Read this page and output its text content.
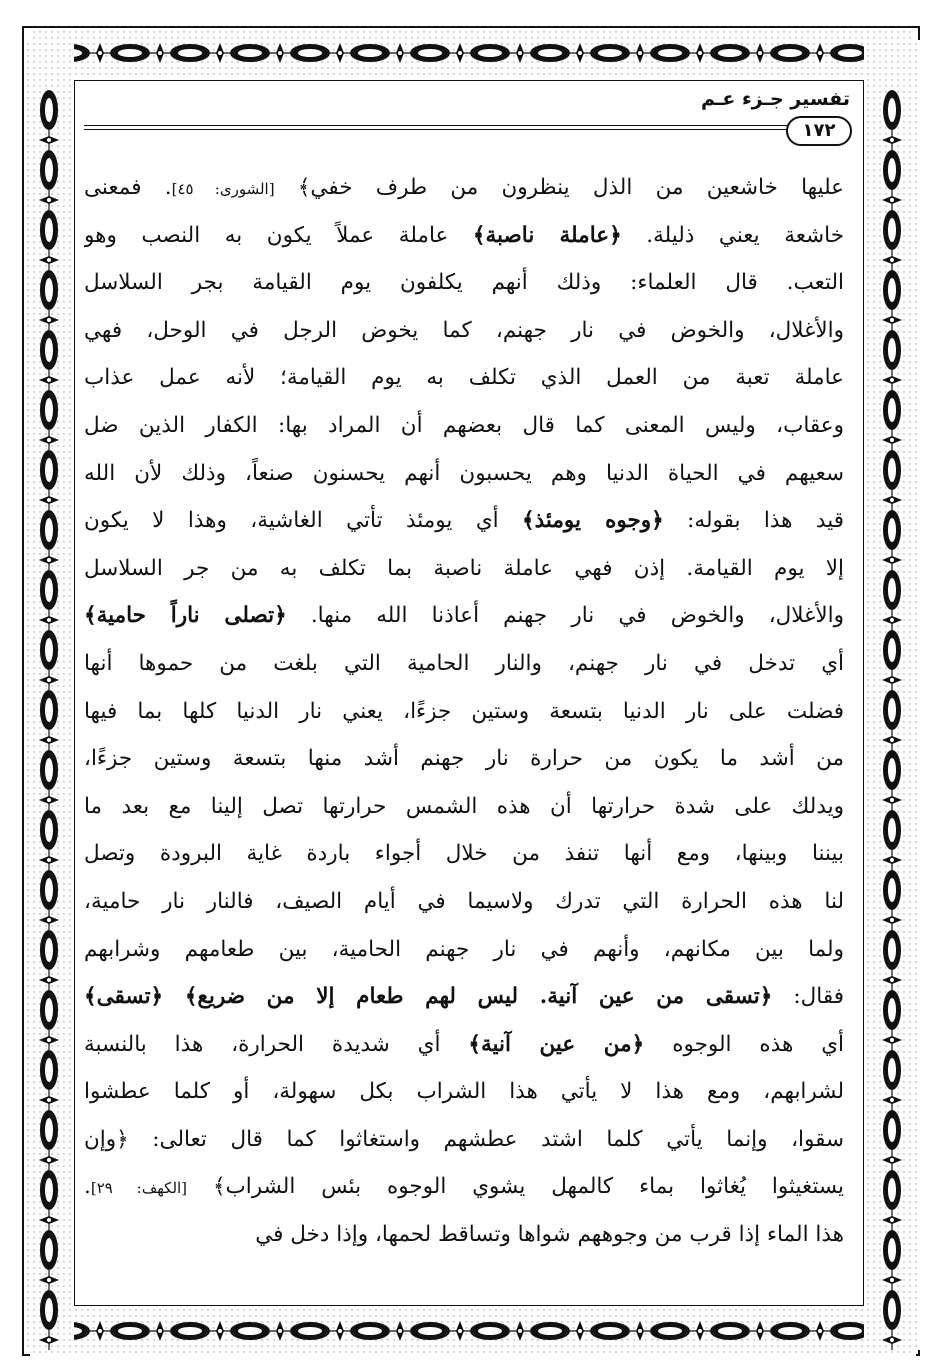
تفسير جـزء عـم
١٧٢
عليها خاشعين من الذل ينظرون من طرف خفي﴾ [الشورى: ٤٥]. فمعنى
خاشعة يعني ذليلة. ﴿عاملة ناصبة﴾ عاملة عملاً يكون به النصب وهو
التعب. قال العلماء: وذلك أنهم يكلفون يوم القيامة بجر السلاسل
والأغلال، والخوض في نار جهنم، كما يخوض الرجل في الوحل، فهي
عاملة تعبة من العمل الذي تكلف به يوم القيامة؛ لأنه عمل عذاب
وعقاب، وليس المعنى كما قال بعضهم أن المراد بها: الكفار الذين ضل
سعيهم في الحياة الدنيا وهم يحسبون أنهم يحسنون صنعاً، وذلك لأن الله
قيد هذا بقوله: ﴿وجوه يومئذ﴾ أي يومئذ تأتي الغاشية، وهذا لا يكون
إلا يوم القيامة. إذن فهي عاملة ناصبة بما تكلف به من جر السلاسل
والأغلال، والخوض في نار جهنم أعاذنا الله منها. ﴿تصلى ناراً حامية﴾
أي تدخل في نار جهنم، والنار الحامية التي بلغت من حموها أنها
فضلت على نار الدنيا بتسعة وستين جزءًا، يعني نار الدنيا كلها بما فيها
من أشد ما يكون من حرارة نار جهنم أشد منها بتسعة وستين جزءًا،
ويدلك على شدة حرارتها أن هذه الشمس حرارتها تصل إلينا مع بعد ما
بيننا وبينها، ومع أنها تنفذ من خلال أجواء باردة غاية البرودة وتصل
لنا هذه الحرارة التي تدرك ولاسيما في أيام الصيف، فالنار نار حامية،
ولما بين مكانهم، وأنهم في نار جهنم الحامية، بين طعامهم وشرابهم
فقال: ﴿تسقى من عين آنية. ليس لهم طعام إلا من ضريع﴾ ﴿تسقى﴾
أي هذه الوجوه ﴿من عين آنية﴾ أي شديدة الحرارة، هذا بالنسبة
لشرابهم، ومع هذا لا يأتي هذا الشراب بكل سهولة، أو كلما عطشوا
سقوا، وإنما يأتي كلما اشتد عطشهم واستغاثوا كما قال تعالى: ﴿وإن
يستغيثوا يُغاثوا بماء كالمهل يشوي الوجوه بئس الشراب﴾ [الكهف: ٢٩].
هذا الماء إذا قرب من وجوههم شواها وتساقط لحمها، وإذا دخل في
